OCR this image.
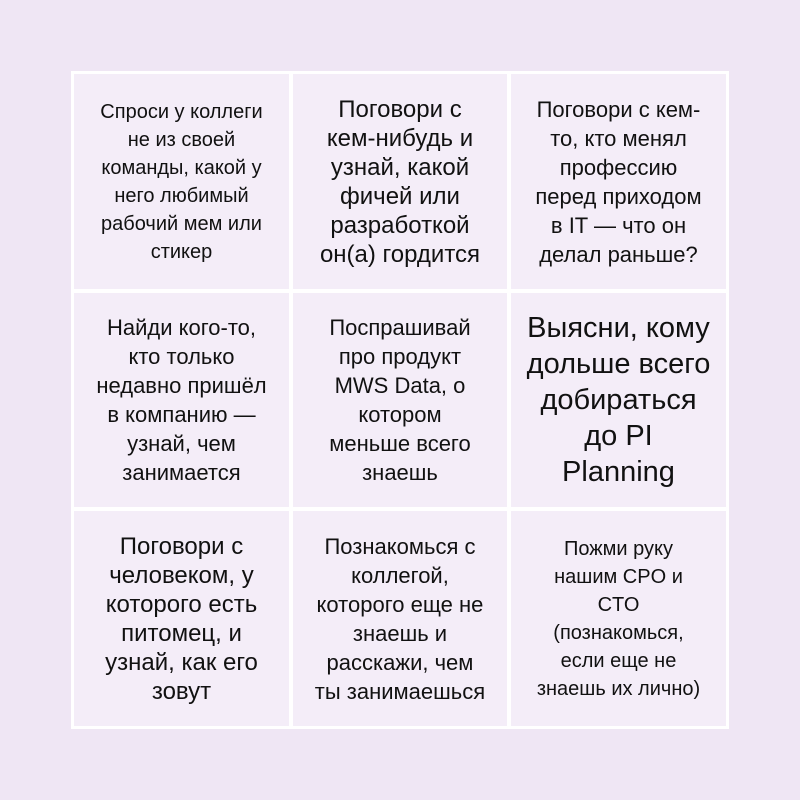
Спроси у коллеги
не из своей
команды, какой у
него любимый
рабочий мем или
стикер
Поговори с
кем-нибудь и
узнай, какой
фичей или
разработкой
он(а) гордится
Поговори с кем-
то, кто менял
профессию
перед приходом
в IT — что он
делал раньше?
Найди кого-то,
кто только
недавно пришёл
в компанию —
узнай, чем
занимается
Поспрашивай
про продукт
MWS Data, о
котором
меньше всего
знаешь
Выясни, кому
дольше всего
добираться
до PI
Planning
Поговори с
человеком, у
которого есть
питомец, и
узнай, как его
зовут
Познакомься с
коллегой,
которого еще не
знаешь и
расскажи, чем
ты занимаешься
Пожми руку
нашим CPO и
CTO
(познакомься,
если еще не
знаешь их лично)
